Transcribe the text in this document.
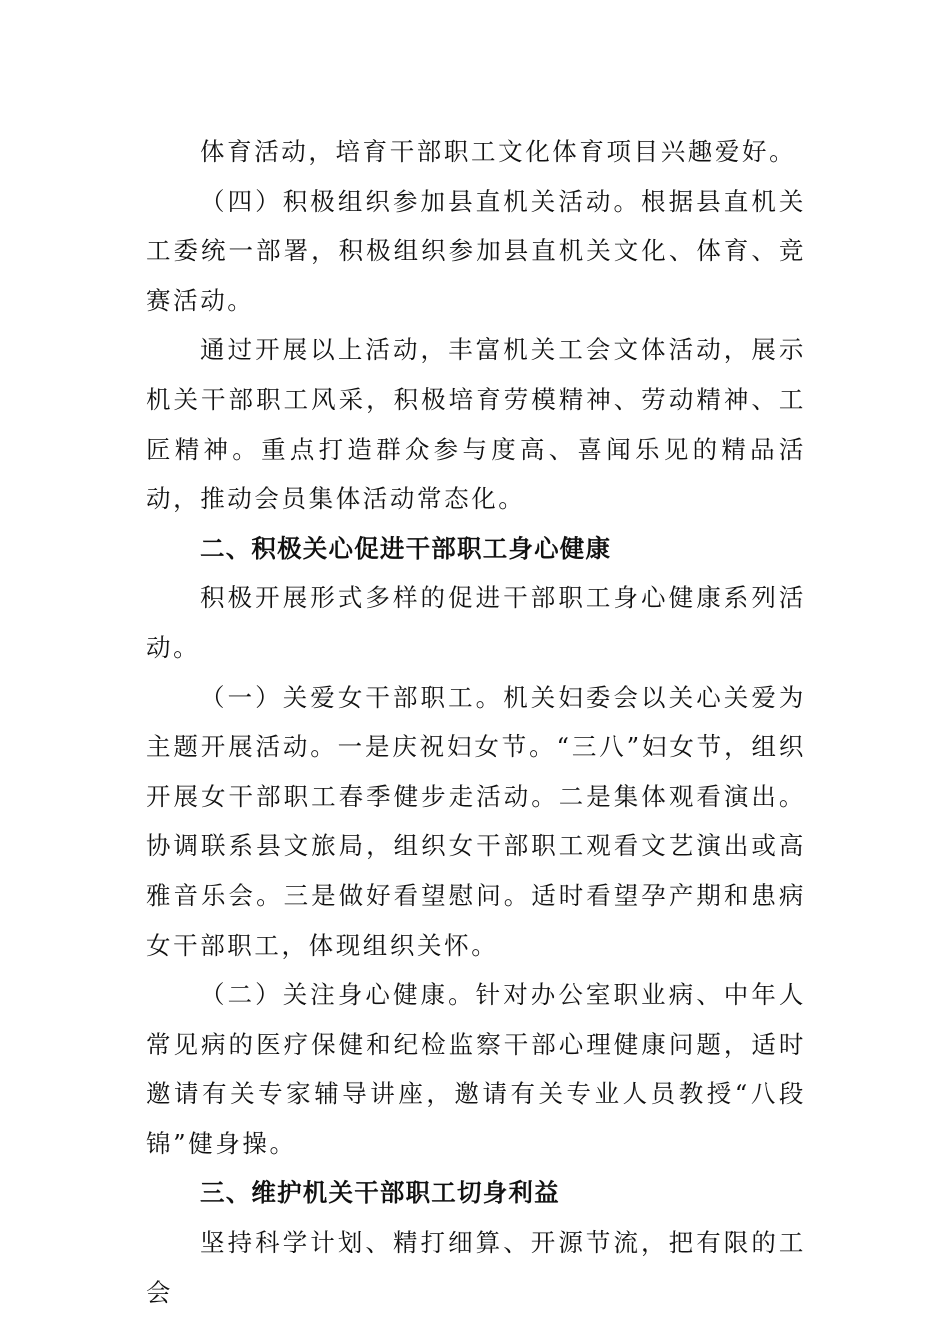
体育活动，培育干部职工文化体育项目兴趣爱好。

（四）积极组织参加县直机关活动。根据县直机关工委统一部署，积极组织参加县直机关文化、体育、竞赛活动。

通过开展以上活动，丰富机关工会文体活动，展示机关干部职工风采，积极培育劳模精神、劳动精神、工匠精神。重点打造群众参与度高、喜闻乐见的精品活动，推动会员集体活动常态化。

二、积极关心促进干部职工身心健康

积极开展形式多样的促进干部职工身心健康系列活动。

（一）关爱女干部职工。机关妇委会以关心关爱为主题开展活动。一是庆祝妇女节。“三八”妇女节，组织开展女干部职工春季健步走活动。二是集体观看演出。协调联系县文旅局，组织女干部职工观看文艺演出或高雅音乐会。三是做好看望慰问。适时看望孕产期和患病女干部职工，体现组织关怀。

（二）关注身心健康。针对办公室职业病、中年人常见病的医疗保健和纪检监察干部心理健康问题，适时邀请有关专家辅导讲座，邀请有关专业人员教授“八段锦”健身操。

三、维护机关干部职工切身利益

坚持科学计划、精打细算、开源节流，把有限的工会
